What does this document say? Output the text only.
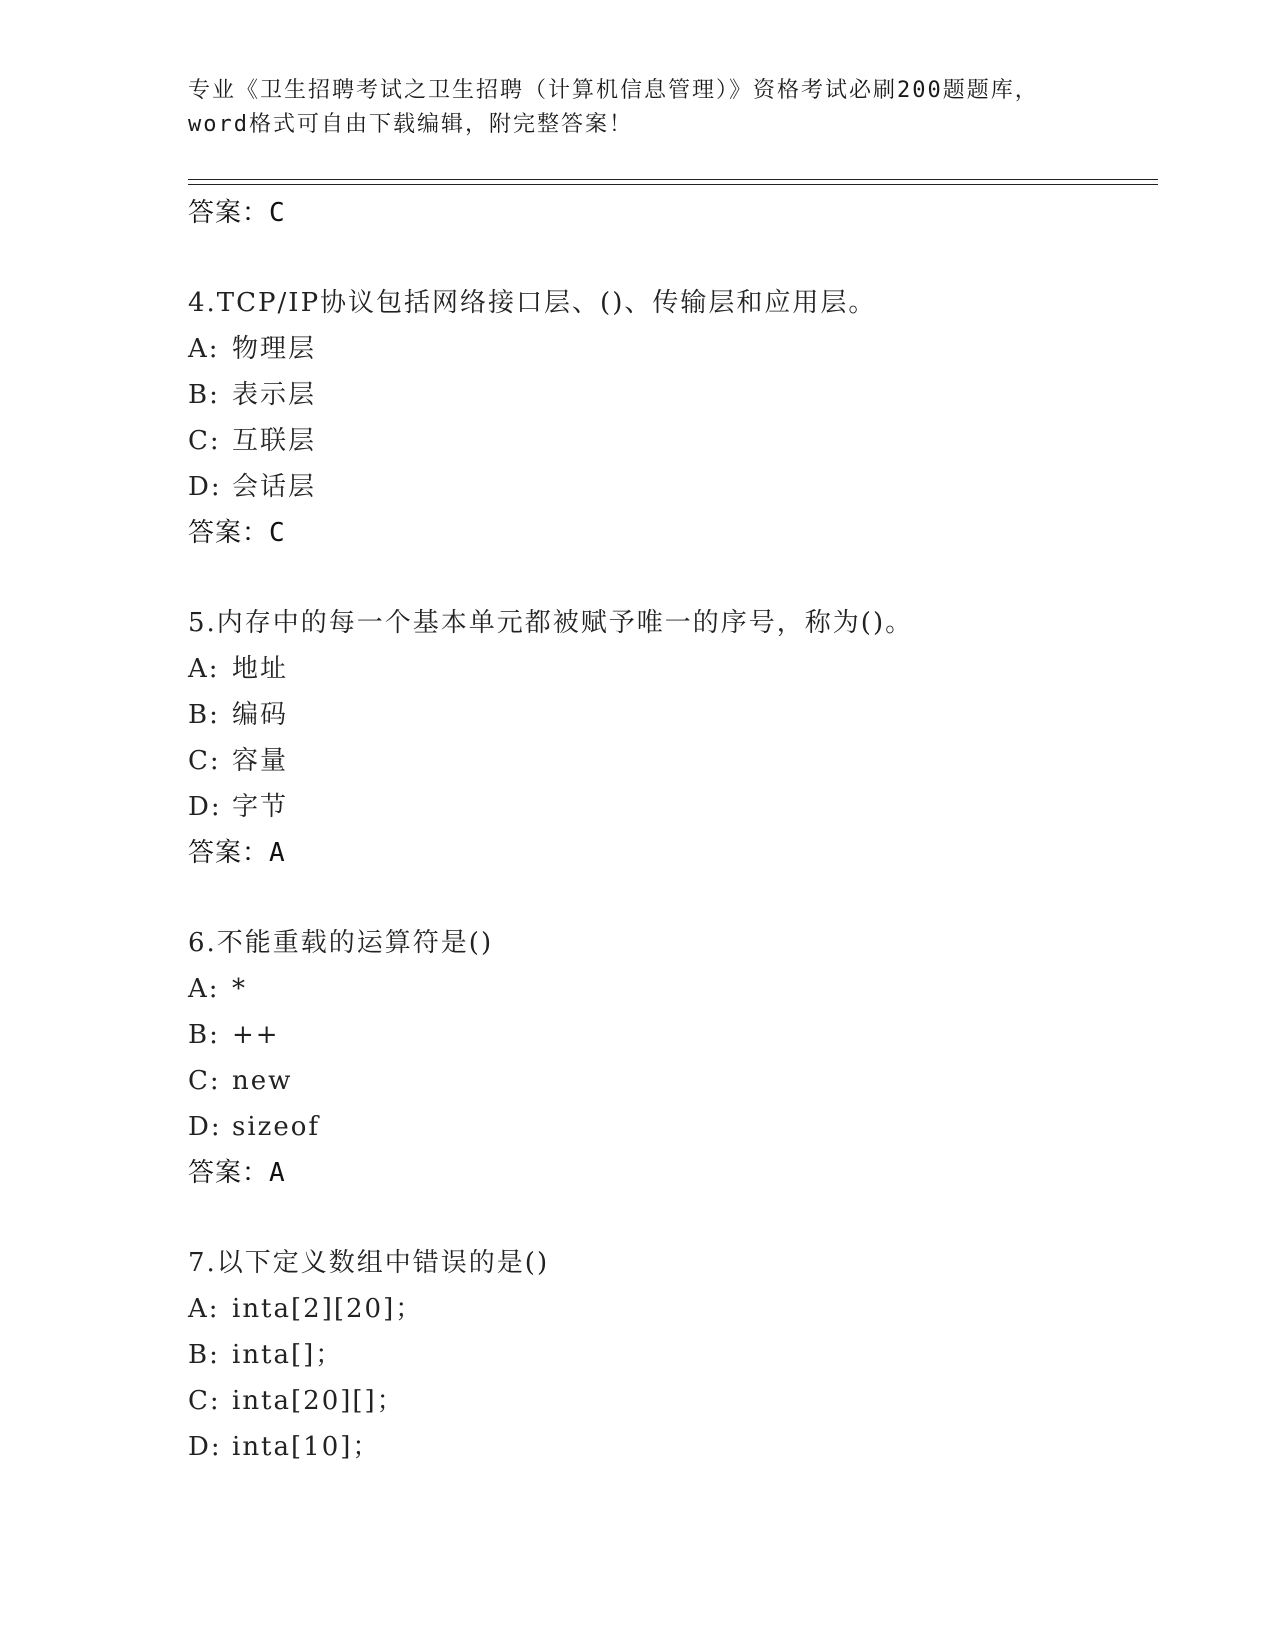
专业《卫生招聘考试之卫生招聘（计算机信息管理）》资格考试必刷200题题库，
word格式可自由下载编辑，附完整答案！
答案：C
4.TCP/IP协议包括网络接口层、()、传输层和应用层。
A: 物理层
B: 表示层
C: 互联层
D: 会话层
答案：C
5.内存中的每一个基本单元都被赋予唯一的序号，称为()。
A: 地址
B: 编码
C: 容量
D: 字节
答案：A
6.不能重载的运算符是()
A: *
B: ++
C: new
D: sizeof
答案：A
7.以下定义数组中错误的是()
A: inta[2][20]；
B: inta[]；
C: inta[20][]；
D: inta[10]；
